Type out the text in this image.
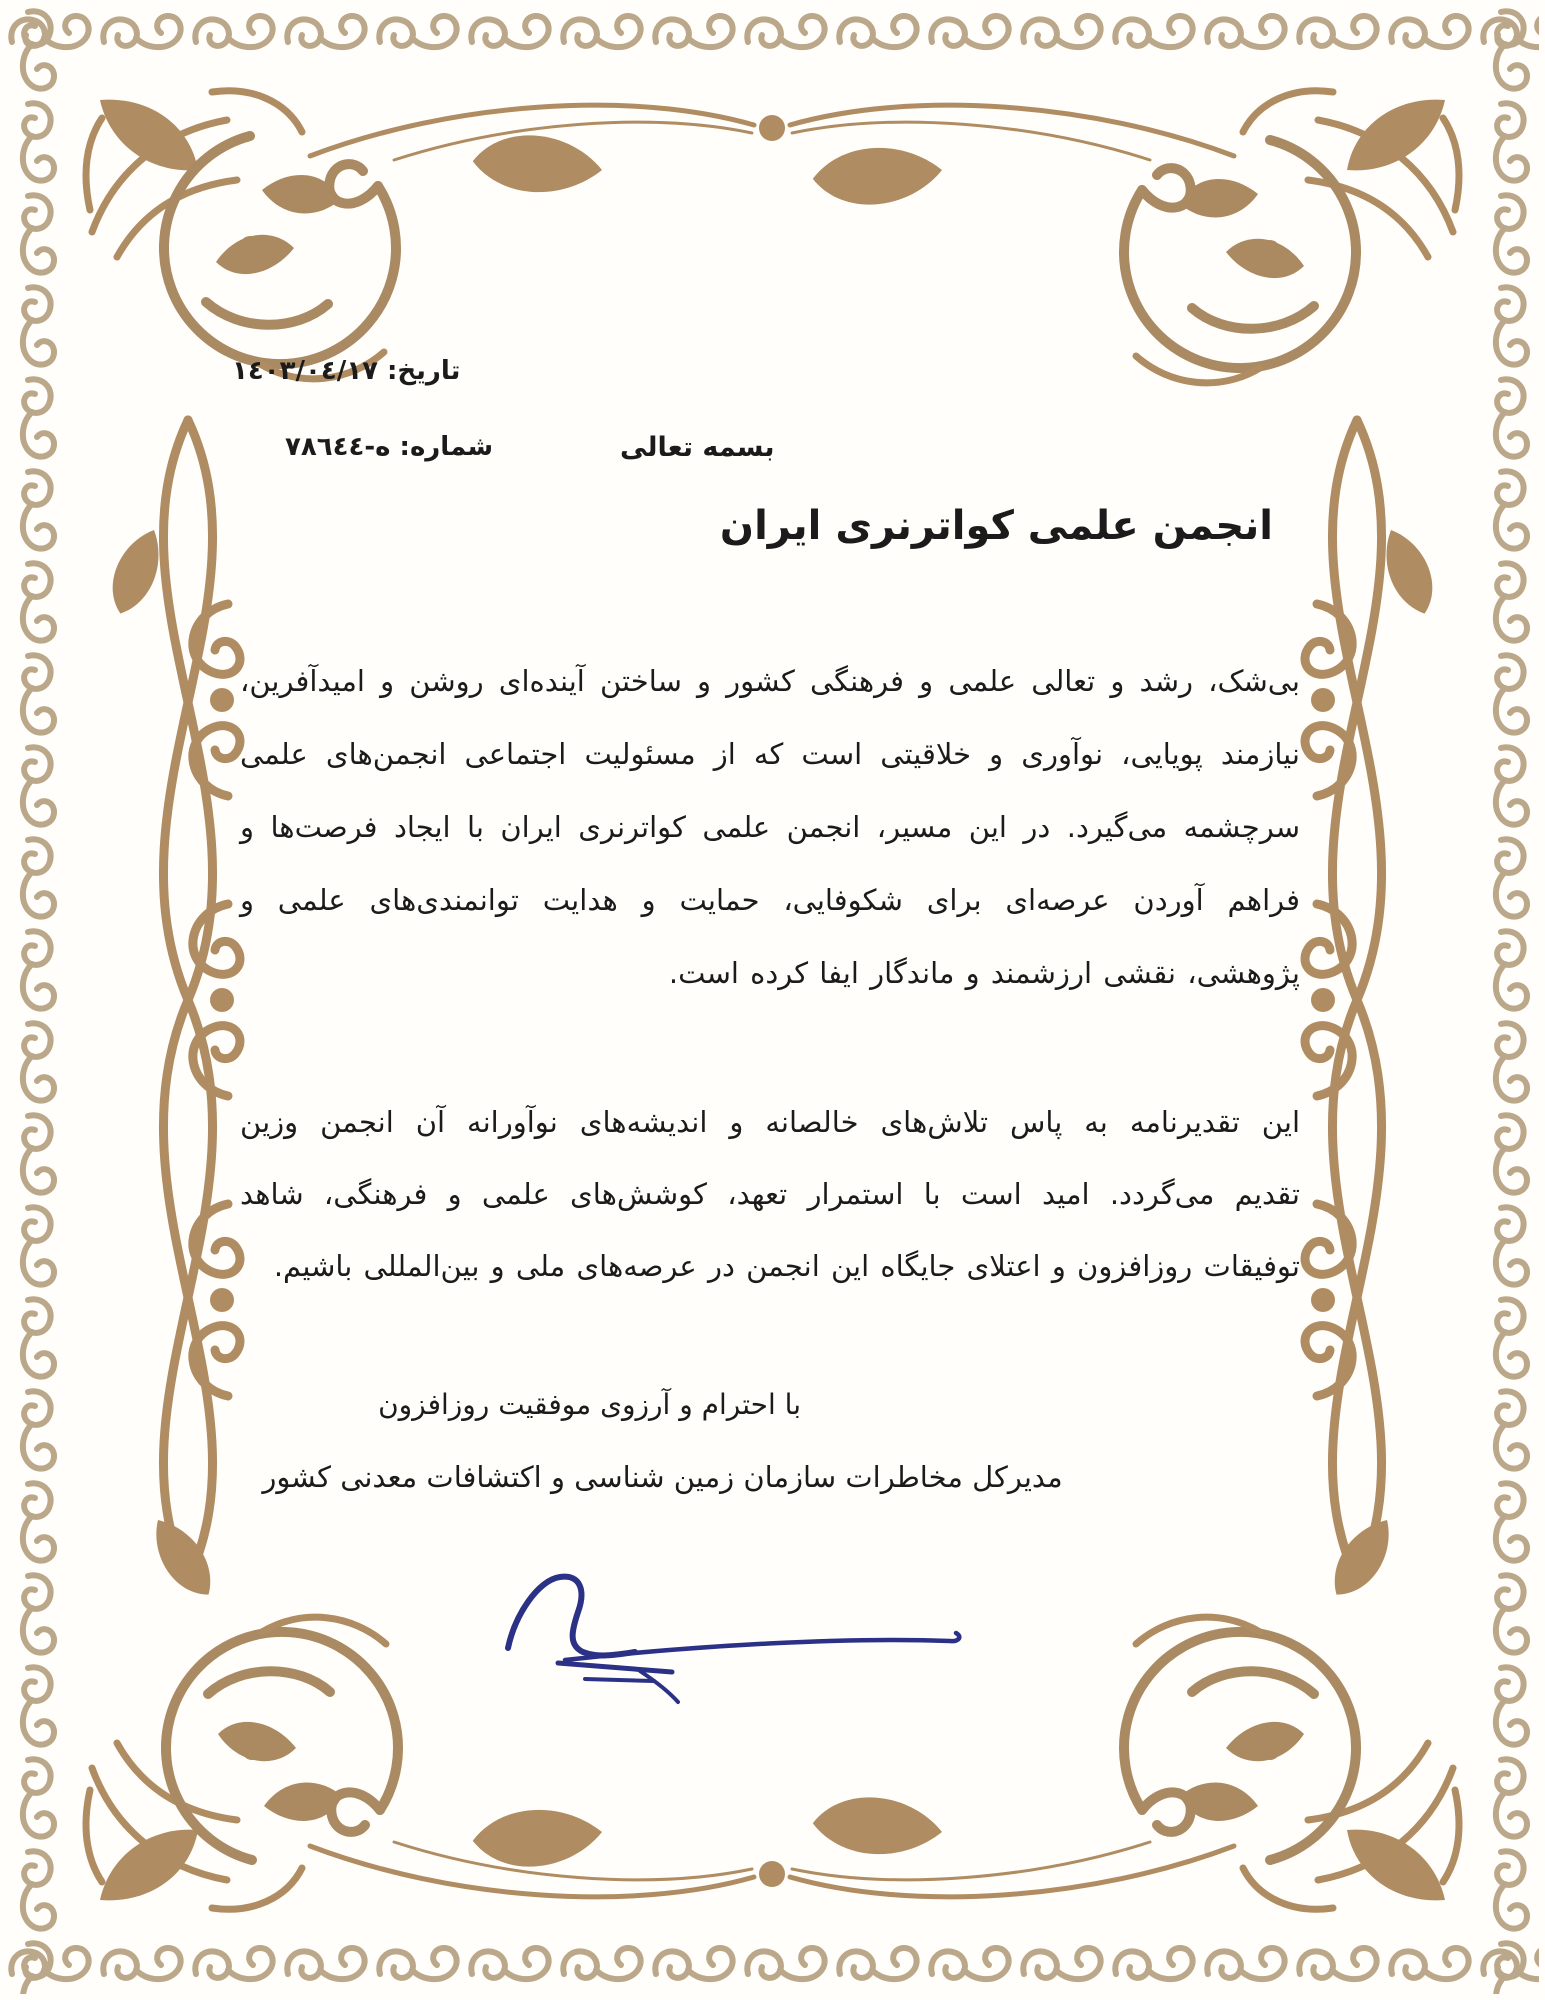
تاریخ: ١٤٠٣/٠٤/١٧
شماره: ه-٧٨٦٤٤	بسمه تعالی
انجمن علمی کواترنری ایران
بی‌شک، رشد و تعالی علمی و فرهنگی کشور و ساختن آینده‌ای روشن و امیدآفرین،
نیازمند پویایی، نوآوری و خلاقیتی است که از مسئولیت اجتماعی انجمن‌های علمی
سرچشمه می‌گیرد. در این مسیر، انجمن علمی کواترنری ایران با ایجاد فرصت‌ها و
فراهم آوردن عرصه‌ای برای شکوفایی، حمایت و هدایت توانمندی‌های علمی و
پژوهشی، نقشی ارزشمند و ماندگار ایفا کرده است.
این تقدیرنامه به پاس تلاش‌های خالصانه و اندیشه‌های نوآورانه آن انجمن وزین
تقدیم می‌گردد. امید است با استمرار تعهد، کوشش‌های علمی و فرهنگی، شاهد
توفیقات روزافزون و اعتلای جایگاه این انجمن در عرصه‌های ملی و بین‌المللی باشیم.
با احترام و آرزوی موفقیت روزافزون
مدیرکل مخاطرات سازمان زمین شناسی و اکتشافات معدنی کشور
